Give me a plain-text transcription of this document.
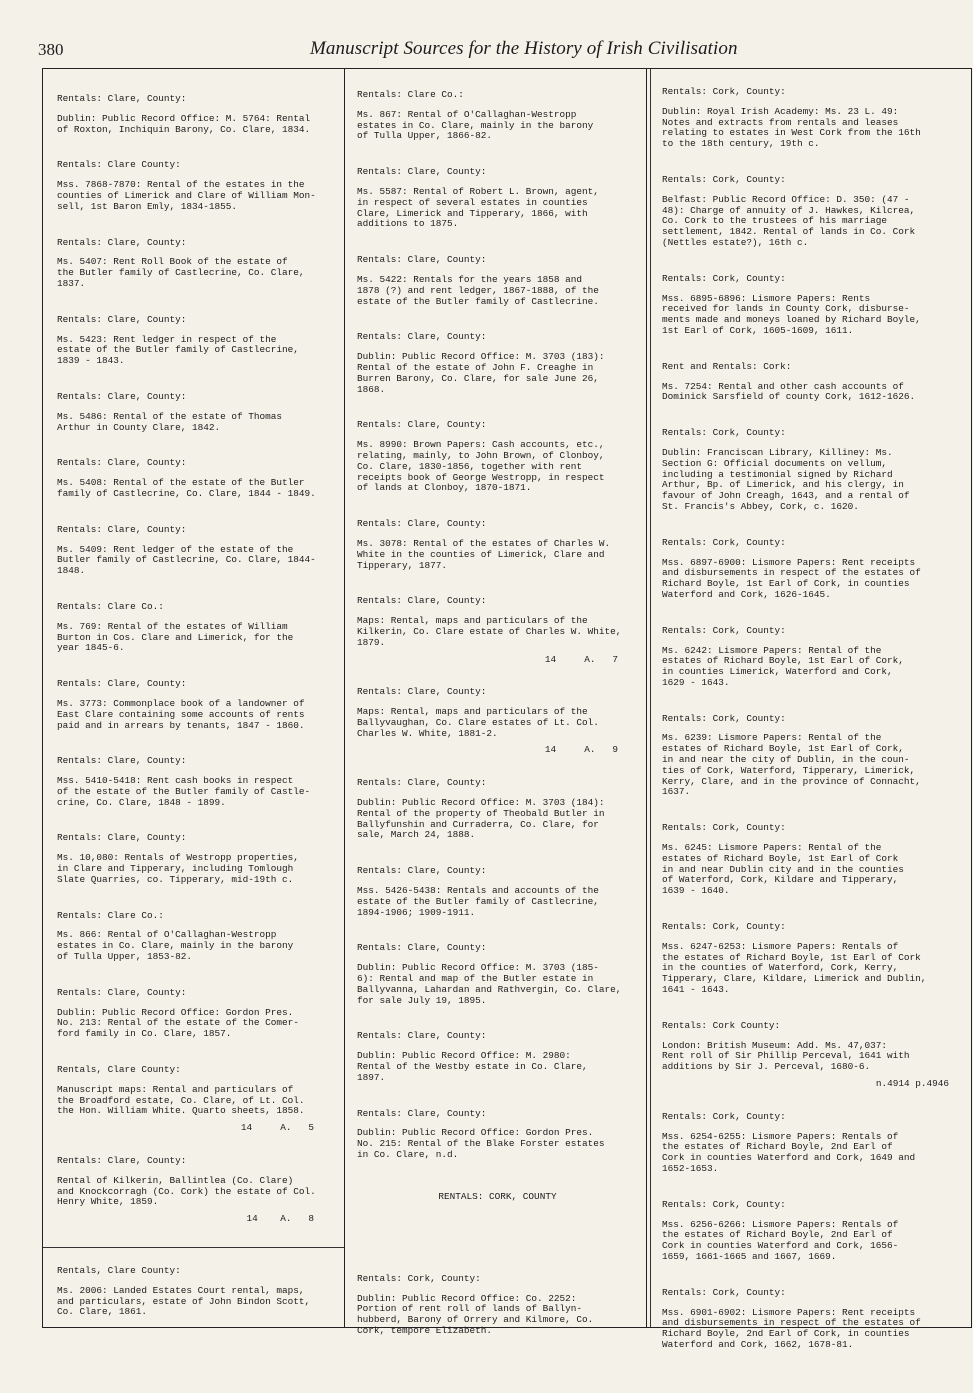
380	Manuscript Sources for the History of Irish Civilisation
Rentals: Clare, County:
Dublin: Public Record Office: M. 5764: Rental
of Roxton, Inchiquin Barony, Co. Clare, 1834.
Rentals: Clare County:
Mss. 7868-7870: Rental of the estates in the
counties of Limerick and Clare of William Mon-
sell, 1st Baron Emly, 1834-1855.
Rentals: Clare, County:
Ms. 5407: Rent Roll Book of the estate of
the Butler family of Castlecrine, Co. Clare,
1837.
Rentals: Clare, County:
Ms. 5423: Rent ledger in respect of the
estate of the Butler family of Castlecrine,
1839 - 1843.
Rentals: Clare, County:
Ms. 5486: Rental of the estate of Thomas
Arthur in County Clare, 1842.
Rentals: Clare, County:
Ms. 5408: Rental of the estate of the Butler
family of Castlecrine, Co. Clare, 1844 - 1849.
Rentals: Clare, County:
Ms. 5409: Rent ledger of the estate of the
Butler family of Castlecrine, Co. Clare, 1844-
1848.
Rentals: Clare Co.:
Ms. 769: Rental of the estates of William
Burton in Cos. Clare and Limerick, for the
year 1845-6.
Rentals: Clare, County:
Ms. 3773: Commonplace book of a landowner of
East Clare containing some accounts of rents
paid and in arrears by tenants, 1847 - 1860.
Rentals: Clare, County:
Mss. 5410-5418: Rent cash books in respect
of the estate of the Butler family of Castle-
crine, Co. Clare, 1848 - 1899.
Rentals: Clare, County:
Ms. 10,080: Rentals of Westropp properties,
in Clare and Tipperary, including Tomlough
Slate Quarries, co. Tipperary, mid-19th c.
Rentals: Clare Co.:
Ms. 866: Rental of O'Callaghan-Westropp
estates in Co. Clare, mainly in the barony
of Tulla Upper, 1853-82.
Rentals: Clare, County:
Dublin: Public Record Office: Gordon Pres.
No. 213: Rental of the estate of the Comer-
ford family in Co. Clare, 1857.
Rentals, Clare County:
Manuscript maps: Rental and particulars of
the Broadford estate, Co. Clare, of Lt. Col.
the Hon. William White. Quarto sheets, 1858.
14     A.   5
Rentals: Clare, County:
Rental of Kilkerin, Ballintlea (Co. Clare)
and Knockcorragh (Co. Cork) the estate of Col.
Henry White, 1859.
14    A.   8
Rentals, Clare County:
Ms. 2006: Landed Estates Court rental, maps,
and particulars, estate of John Bindon Scott,
Co. Clare, 1861.
Rentals: Clare Co.:
Ms. 867: Rental of O'Callaghan-Westropp
estates in Co. Clare, mainly in the barony
of Tulla Upper, 1866-82.
Rentals: Clare, County:
Ms. 5587: Rental of Robert L. Brown, agent,
in respect of several estates in counties
Clare, Limerick and Tipperary, 1866, with
additions to 1875.
Rentals: Clare, County:
Ms. 5422: Rentals for the years 1858 and
1878 (?) and rent ledger, 1867-1888, of the
estate of the Butler family of Castlecrine.
Rentals: Clare, County:
Dublin: Public Record Office: M. 3703 (183):
Rental of the estate of John F. Creaghe in
Burren Barony, Co. Clare, for sale June 26,
1868.
Rentals: Clare, County:
Ms. 8990: Brown Papers: Cash accounts, etc.,
relating, mainly, to John Brown, of Clonboy,
Co. Clare, 1830-1856, together with rent
receipts book of George Westropp, in respect
of lands at Clonboy, 1870-1871.
Rentals: Clare, County:
Ms. 3078: Rental of the estates of Charles W.
White in the counties of Limerick, Clare and
Tipperary, 1877.
Rentals: Clare, County:
Maps: Rental, maps and particulars of the
Kilkerin, Co. Clare estate of Charles W. White,
1879.
14     A.   7
Rentals: Clare, County:
Maps: Rental, maps and particulars of the
Ballyvaughan, Co. Clare estates of Lt. Col.
Charles W. White, 1881-2.
14     A.   9
Rentals: Clare, County:
Dublin: Public Record Office: M. 3703 (184):
Rental of the property of Theobald Butler in
Ballyfunshin and Curraderra, Co. Clare, for
sale, March 24, 1888.
Rentals: Clare, County:
Mss. 5426-5438: Rentals and accounts of the
estate of the Butler family of Castlecrine,
1894-1906; 1909-1911.
Rentals: Clare, County:
Dublin: Public Record Office: M. 3703 (185-
6): Rental and map of the Butler estate in
Ballyvanna, Lahardan and Rathvergin, Co. Clare,
for sale July 19, 1895.
Rentals: Clare, County:
Dublin: Public Record Office: M. 2980:
Rental of the Westby estate in Co. Clare,
1897.
Rentals: Clare, County:
Dublin: Public Record Office: Gordon Pres.
No. 215: Rental of the Blake Forster estates
in Co. Clare, n.d.
RENTALS: CORK, COUNTY
Rentals: Cork, County:
Dublin: Public Record Office: Co. 2252:
Portion of rent roll of lands of Ballyn-
hubberd, Barony of Orrery and Kilmore, Co.
Cork, tempore Elizabeth.
Rentals: Cork, County:
Dublin: Royal Irish Academy: Ms. 23 L. 49:
Notes and extracts from rentals and leases
relating to estates in West Cork from the 16th
to the 18th century, 19th c.
Rentals: Cork, County:
Belfast: Public Record Office: D. 350: (47 -
48): Charge of annuity of J. Hawkes, Kilcrea,
Co. Cork to the trustees of his marriage
settlement, 1842. Rental of lands in Co. Cork
(Nettles estate?), 16th c.
Rentals: Cork, County:
Mss. 6895-6896: Lismore Papers: Rents
received for lands in County Cork, disburse-
ments made and moneys loaned by Richard Boyle,
1st Earl of Cork, 1605-1609, 1611.
Rent and Rentals: Cork:
Ms. 7254: Rental and other cash accounts of
Dominick Sarsfield of county Cork, 1612-1626.
Rentals: Cork, County:
Dublin: Franciscan Library, Killiney: Ms.
Section G: Official documents on vellum,
including a testimonial signed by Richard
Arthur, Bp. of Limerick, and his clergy, in
favour of John Creagh, 1643, and a rental of
St. Francis's Abbey, Cork, c. 1620.
Rentals: Cork, County:
Mss. 6897-6900: Lismore Papers: Rent receipts
and disbursements in respect of the estates of
Richard Boyle, 1st Earl of Cork, in counties
Waterford and Cork, 1626-1645.
Rentals: Cork, County:
Ms. 6242: Lismore Papers: Rental of the
estates of Richard Boyle, 1st Earl of Cork,
in counties Limerick, Waterford and Cork,
1629 - 1643.
Rentals: Cork, County:
Ms. 6239: Lismore Papers: Rental of the
estates of Richard Boyle, 1st Earl of Cork,
in and near the city of Dublin, in the coun-
ties of Cork, Waterford, Tipperary, Limerick,
Kerry, Clare, and in the province of Connacht,
1637.
Rentals: Cork, County:
Ms. 6245: Lismore Papers: Rental of the
estates of Richard Boyle, 1st Earl of Cork
in and near Dublin city and in the counties
of Waterford, Cork, Kildare and Tipperary,
1639 - 1640.
Rentals: Cork, County:
Mss. 6247-6253: Lismore Papers: Rentals of
the estates of Richard Boyle, 1st Earl of Cork
in the counties of Waterford, Cork, Kerry,
Tipperary, Clare, Kildare, Limerick and Dublin,
1641 - 1643.
Rentals: Cork County:
London: British Museum: Add. Ms. 47,037:
Rent roll of Sir Phillip Perceval, 1641 with
additions by Sir J. Perceval, 1680-6.
n.4914 p.4946
Rentals: Cork, County:
Mss. 6254-6255: Lismore Papers: Rentals of
the estates of Richard Boyle, 2nd Earl of
Cork in counties Waterford and Cork, 1649 and
1652-1653.
Rentals: Cork, County:
Mss. 6256-6266: Lismore Papers: Rentals of
the estates of Richard Boyle, 2nd Earl of
Cork in counties Waterford and Cork, 1656-
1659, 1661-1665 and 1667, 1669.
Rentals: Cork, County:
Mss. 6901-6902: Lismore Papers: Rent receipts
and disbursements in respect of the estates of
Richard Boyle, 2nd Earl of Cork, in counties
Waterford and Cork, 1662, 1678-81.
